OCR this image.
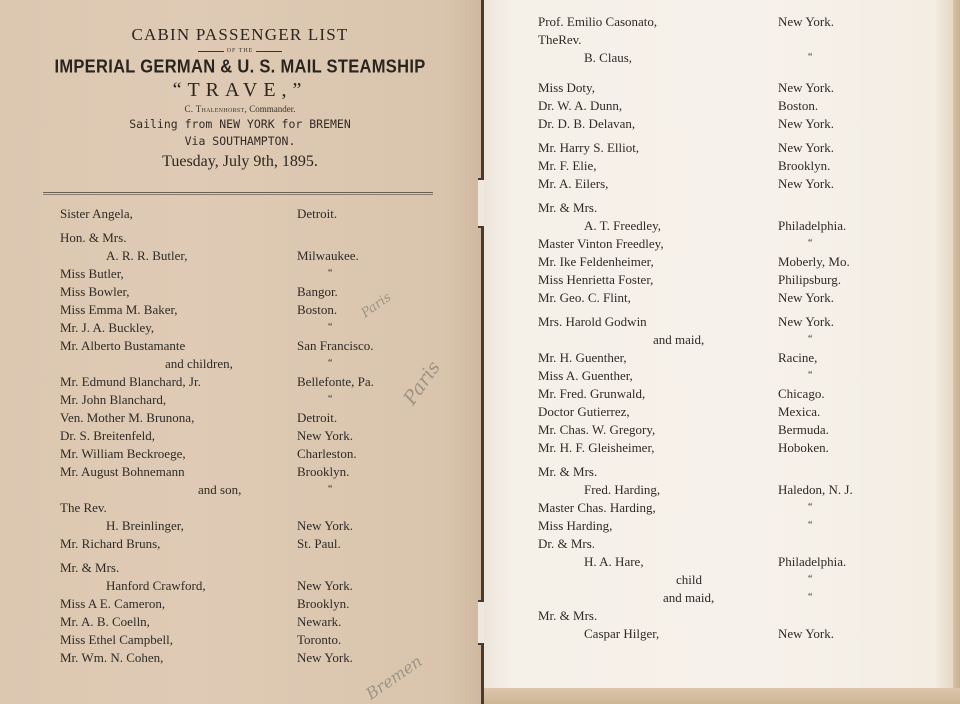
CABIN PASSENGER LIST
OF THE
IMPERIAL GERMAN & U. S. MAIL STEAMSHIP
“TRAVE,”
C. Thalenhorst, Commander.
Sailing from NEW YORK for BREMEN
Via SOUTHAMPTON.
Tuesday, July 9th, 1895.
Sister Angela,	Detroit.
Hon. & Mrs.
A. R. R. Butler,	Milwaukee.
Miss Butler,	“
Miss Bowler,	Bangor.
Miss Emma M. Baker,	Boston.
Mr. J. A. Buckley,	“
Mr. Alberto Bustamante	San Francisco.
and children,	“
Mr. Edmund Blanchard, Jr.	Bellefonte, Pa.
Mr. John Blanchard,	“
Ven. Mother M. Brunona,	Detroit.
Dr. S. Breitenfeld,	New York.
Mr. William Beckroege,	Charleston.
Mr. August Bohnemann	Brooklyn.
and son,	“
The Rev.
H. Breinlinger,	New York.
Mr. Richard Bruns,	St. Paul.
Mr. & Mrs.
Hanford Crawford,	New York.
Miss A E. Cameron,	Brooklyn.
Mr. A. B. Coelln,	Newark.
Miss Ethel Campbell,	Toronto.
Mr. Wm. N. Cohen,	New York.
Prof. Emilio Casonato,	New York.
TheRev.
B. Claus,	“
Miss Doty,	New York.
Dr. W. A. Dunn,	Boston.
Dr. D. B. Delavan,	New York.
Mr. Harry S. Elliot,	New York.
Mr. F. Elie,	Brooklyn.
Mr. A. Eilers,	New York.
Mr. & Mrs.
A. T. Freedley,	Philadelphia.
Master Vinton Freedley,	“
Mr. Ike Feldenheimer,	Moberly, Mo.
Miss Henrietta Foster,	Philipsburg.
Mr. Geo. C. Flint,	New York.
Mrs. Harold Godwin	New York.
and maid,	“
Mr. H. Guenther,	Racine,
Miss A. Guenther,	“
Mr. Fred. Grunwald,	Chicago.
Doctor Gutierrez,	Mexica.
Mr. Chas. W. Gregory,	Bermuda.
Mr. H. F. Gleisheimer,	Hoboken.
Mr. & Mrs.
Fred. Harding,	Haledon, N. J.
Master Chas. Harding,	“
Miss Harding,	“
Dr. & Mrs.
H. A. Hare,	Philadelphia.
child	“
and maid,	“
Mr. & Mrs.
Caspar Hilger,	New York.
Paris
Paris
Bremen
